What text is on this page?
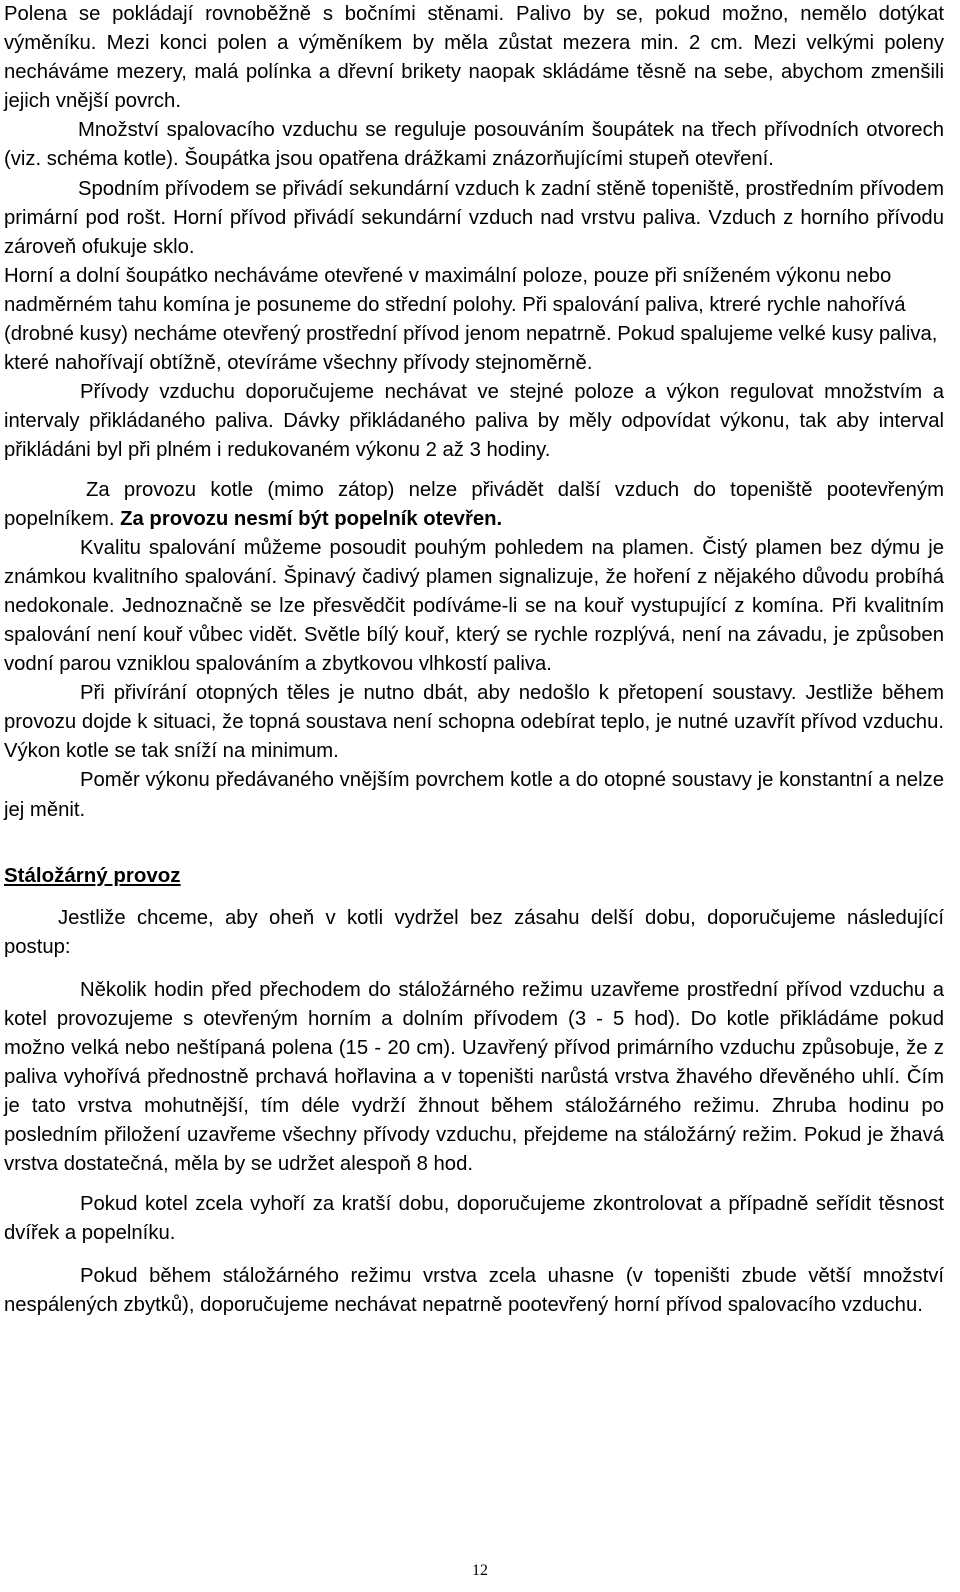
Polena se pokládají rovnoběžně s bočními stěnami. Palivo by se, pokud možno, nemělo dotýkat výměníku. Mezi konci polen a výměníkem by měla zůstat mezera min. 2 cm. Mezi velkými poleny necháváme mezery, malá polínka a dřevní brikety naopak skládáme těsně na sebe, abychom zmenšili jejich vnější povrch.

Množství spalovacího vzduchu se reguluje posouváním šoupátek na třech přívodních otvorech (viz. schéma kotle). Šoupátka jsou opatřena drážkami znázorňujícími stupeň otevření.

Spodním přívodem se přivádí sekundární vzduch k zadní stěně topeniště, prostředním přívodem primární pod rošt. Horní přívod přivádí sekundární vzduch nad vrstvu paliva. Vzduch z horního přívodu zároveň ofukuje sklo.

Horní a dolní šoupátko necháváme otevřené v maximální poloze, pouze při sníženém výkonu nebo nadměrném tahu komína je posuneme do střední polohy. Při spalování paliva, ktreré rychle nahořívá (drobné kusy) necháme otevřený prostřední přívod jenom nepatrně. Pokud spalujeme velké kusy paliva, které nahořívají obtížně, otevíráme všechny přívody stejnoměrně.

Přívody vzduchu doporučujeme nechávat ve stejné poloze a výkon regulovat množstvím a intervaly přikládaného paliva. Dávky přikládaného paliva by měly odpovídat výkonu, tak aby interval přikládáni byl při plném i redukovaném výkonu 2 až 3 hodiny.

Za provozu kotle (mimo zátop) nelze přivádět další vzduch do topeniště pootevřeným popelníkem. Za provozu nesmí být popelník otevřen.

Kvalitu spalování můžeme posoudit pouhým pohledem na plamen. Čistý plamen bez dýmu je známkou kvalitního spalování. Špinavý čadivý plamen signalizuje, že hoření z nějakého důvodu probíhá nedokonale. Jednoznačně se lze přesvědčit podíváme-li se na kouř vystupující z komína. Při kvalitním spalování není kouř vůbec vidět. Světle bílý kouř, který se rychle rozplývá, není na závadu, je způsoben vodní parou vzniklou spalováním a zbytkovou vlhkostí paliva.

Při přivírání otopných těles je nutno dbát, aby nedošlo k přetopení soustavy. Jestliže během provozu dojde k situaci, že topná soustava není schopna odebírat teplo, je nutné uzavřít přívod vzduchu. Výkon kotle se tak sníží na minimum.

Poměr výkonu předávaného vnějším povrchem kotle a do otopné soustavy je konstantní a nelze jej měnit.

Stáložárný provoz

Jestliže chceme, aby oheň v kotli vydržel bez zásahu delší dobu, doporučujeme následující postup:

Několik hodin před přechodem do stáložárného režimu uzavřeme prostřední přívod vzduchu a kotel provozujeme s otevřeným horním a dolním přívodem (3 - 5 hod). Do kotle přikládáme pokud možno velká nebo neštípaná polena (15 - 20 cm). Uzavřený přívod primárního vzduchu způsobuje, že z paliva vyhořívá přednostně prchavá hořlavina a v topeništi narůstá vrstva žhavého dřevěného uhlí. Čím je tato vrstva mohutnější, tím déle vydrží žhnout během stáložárného režimu. Zhruba hodinu po posledním přiložení uzavřeme všechny přívody vzduchu, přejdeme na stáložárný režim. Pokud je žhavá vrstva dostatečná, měla by se udržet alespoň 8 hod.

Pokud kotel zcela vyhoří za kratší dobu, doporučujeme zkontrolovat a případně seřídit těsnost dvířek a popelníku.

Pokud během stáložárného režimu vrstva zcela uhasne (v topeništi zbude větší množství nespálených zbytků), doporučujeme nechávat nepatrně pootevřený horní přívod spalovacího vzduchu.

12
